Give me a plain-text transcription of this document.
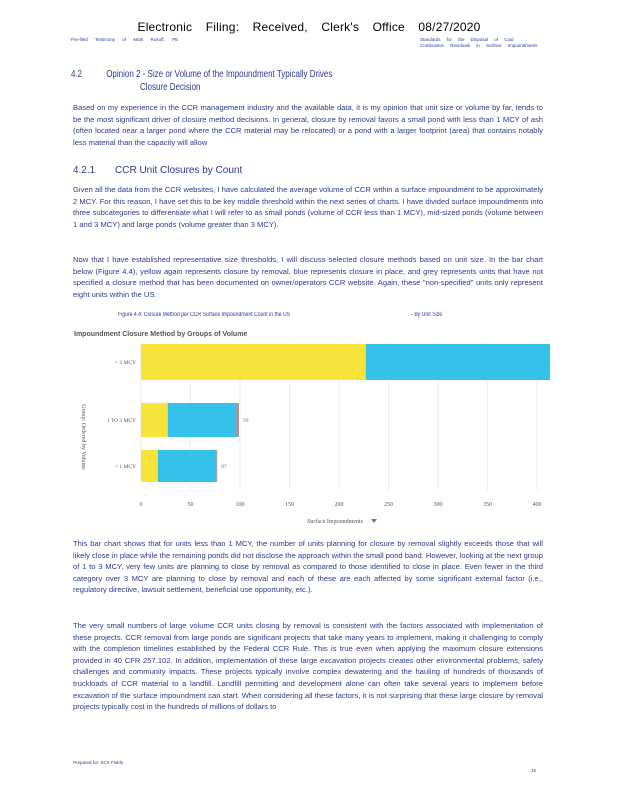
Electronic Filing: Received, Clerk's Office 08/27/2020
Pre-filed Testimony of Mark Rokoff, PE	Standards for the Disposal of Coal Combustion Residuals in Surface Impoundments
4.2 Opinion 2 - Size or Volume of the Impoundment Typically Drives
Closure Decision
Based on my experience in the CCR management industry and the available data, it is my opinion that unit size or volume by far, tends to be the most significant driver of closure method decisions. In general, closure by removal favors a small pond with less than 1 MCY of ash (often located near a larger pond where the CCR material may be relocated) or a pond with a larger footprint (area) that contains notably less material than the capacity will allow
4.2.1 CCR Unit Closures by Count
Given all the data from the CCR websites, I have calculated the average volume of CCR within a surface impoundment to be approximately 2 MCY. For this reason, I have set this to be key middle threshold within the next series of charts. I have divided surface impoundments into three subcategories to differentiate what I will refer to as small ponds (volume of CCR less than 1 MCY), mid-sized ponds (volume between 1 and 3 MCY) and large ponds (volume greater than 3 MCY).
Now that I have established representative size thresholds, I will discuss selected closure methods based on unit size. In the bar chart below (Figure 4.4), yellow again represents closure by removal, blue represents closure in place, and grey represents units that have not specified a closure method that has been documented on owner/operators CCR website. Again, these "non-specified" units only represent eight units within the US.
Figure 4.4: Closure Method per CCR Surface Impoundment Count in the US	- By Unit Size
Impoundment Closure Method by Groups of Volume
99
87
> 3 MCY
1 TO 3 MCY
< 1 MCY
0	50	100	150	200	250	300	350	400
Group: Ordered by Volume
Surface Impoundments
This bar chart shows that for units less than 1 MCY, the number of units planning for closure by removal slightly exceeds those that will likely close in place while the remaining ponds did not disclose the approach within the small pond band. However, looking at the next group of 1 to 3 MCY, very few units are planning to close by removal as compared to those identified to close in place. Even fewer in the third category over 3 MCY are planning to close by removal and each of these are each affected by some significant external factor (i.e., regulatory directive, lawsuit settlement, beneficial use opportunity, etc.).
The very small numbers of large volume CCR units closing by removal is consistent with the factors associated with implementation of these projects. CCR removal from large ponds are significant projects that take many years to implement, making it challenging to comply with the completion timelines established by the Federal CCR Rule. This is true even when applying the maximum closure extensions provided in 40 CFR 257.102. In addition, implementation of these large excavation projects creates other environmental problems, safety challenges and community impacts. These projects typically involve complex dewatering and the hauling of hundreds of thousands of truckloads of CCR material to a landfill. Landfill permitting and development alone can often take several years to implement before excavation of the surface impoundment can start. When considering all these factors, it is not surprising that these large closure by removal projects typically cost in the hundreds of millions of dollars to
Prepared for: SCS Fields
15
